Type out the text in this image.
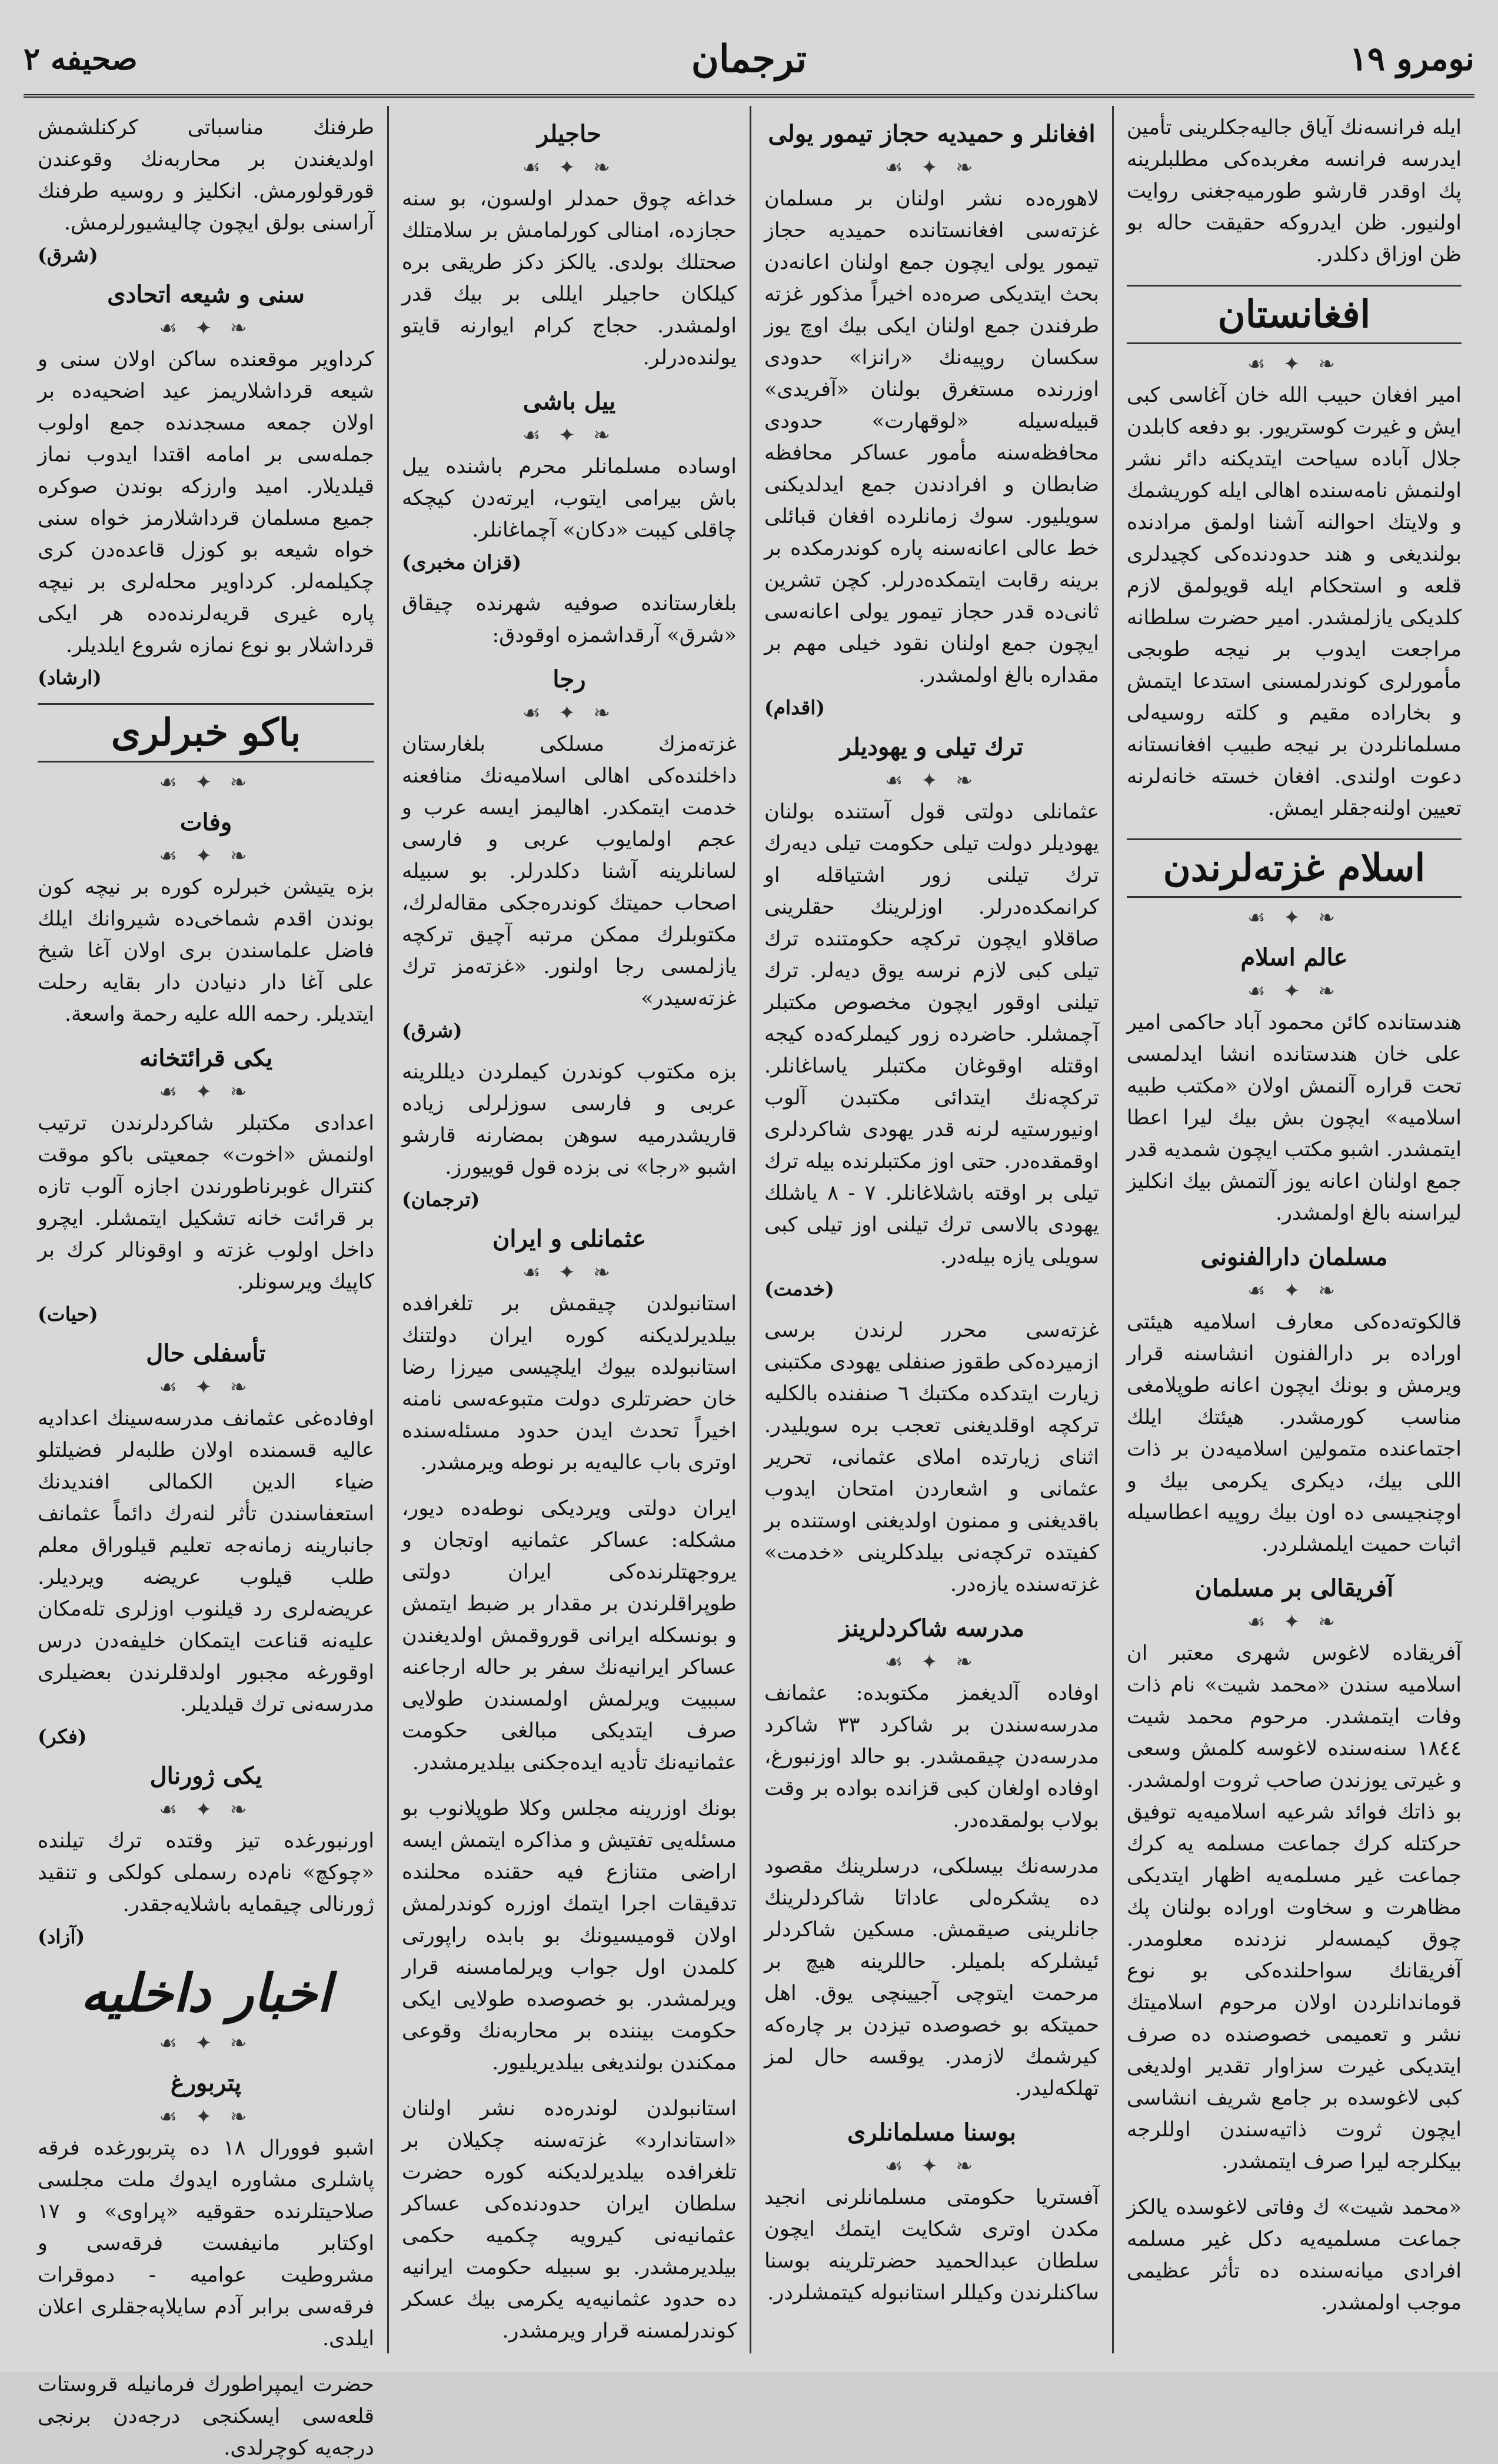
نومرو ١٩
ترجمان
صحيفه ٢

ايله فرانسه‌نك آياق جاليه‌جكلرينى تأمين ايدرسه فرانسه مغربده‌كى مطلبلرينه پك اوقدر قارشو طورميه‌جغنى روايت اولنيور. ظن ايدروكه حقيقت حاله بو ظن اوزاق دكلدر.

افغانستان
❧ ✦ ☙

امير افغان حبيب الله خان آغاسى كبى ايش و غيرت كوستريور. بو دفعه كابلدن جلال آباده سياحت ايتديكنه دائر نشر اولنمش نامه‌سنده اهالى ايله كوريشمك و ولايتك احوالنه آشنا اولمق مرادنده بولنديغى و هند حدودنده‌كى كچيدلرى قلعه و استحكام ايله قويولمق لازم كلديكى يازلمشدر. امير حضرت سلطانه مراجعت ايدوب بر نيجه طوبجى مأمورلرى كوندرلمسنى استدعا ايتمش و بخاراده مقيم و كلته روسيه‌لى مسلمانلردن بر نيجه طبيب افغانستانه دعوت اولندى. افغان خسته خانه‌لرنه تعيين اولنه‌جقلر ايمش.

اسلام غزته‌لرندن
❧ ✦ ☙
عالم اسلام
❧ ✦ ☙

هندستانده كائن محمود آباد حاكمى امير على خان هندستانده انشا ايدلمسى تحت قراره آلنمش اولان «مكتب طبيه اسلاميه» ايچون بش بيك ليرا اعطا ايتمشدر. اشبو مكتب ايچون شمديه قدر جمع اولنان اعانه يوز آلتمش بيك انكليز ليراسنه بالغ اولمشدر.

مسلمان دارالفنونى
❧ ✦ ☙

قالكوته‌ده‌كى معارف اسلاميه هيئتى اوراده بر دارالفنون انشاسنه قرار ويرمش و بونك ايچون اعانه طوپلامغى مناسب كورمشدر. هيئتك ايلك اجتماعنده متمولين اسلاميه‌دن بر ذات اللى بيك، ديكرى يكرمى بيك و اوچنجيسى ده اون بيك روپيه اعطاسيله اثبات حميت ايلمشلردر.

آفريقالى بر مسلمان
❧ ✦ ☙

آفريقاده لاغوس شهرى معتبر ان اسلاميه سندن «محمد شيت» نام ذات وفات ايتمشدر. مرحوم محمد شيت ١٨٤٤ سنه‌سنده لاغوسه كلمش وسعى و غيرتى يوزندن صاحب ثروت اولمشدر. بو ذاتك فوائد شرعيه اسلاميه‌يه توفيق حركتله كرك جماعت مسلمه يه كرك جماعت غير مسلمه‌يه اظهار ايتديكى مظاهرت و سخاوت اوراده بولنان پك چوق كيمسه‌لر نزدنده معلومدر. آفريقانك سواحلنده‌كى بو نوع قوماندانلردن اولان مرحوم اسلاميتك نشر و تعميمى خصوصنده ده صرف ايتديكى غيرت سزاوار تقدير اولديغى كبى لاغوسده بر جامع شريف انشاسى ايچون ثروت ذاتيه‌سندن اوللرجه بيكلرجه ليرا صرف ايتمشدر.

«محمد شيت» ك وفاتى لاغوسده يالكز جماعت مسلميه‌يه دكل غير مسلمه افرادى ميانه‌سنده ده تأثر عظيمى موجب اولمشدر.

افغانلر و حميديه حجاز تيمور يولى
❧ ✦ ☙

لاهوره‌ده نشر اولنان بر مسلمان غزته‌سى افغانستانده حميديه حجاز تيمور يولى ايچون جمع اولنان اعانه‌دن بحث ايتديكى صره‌ده اخيراً مذكور غزته طرفندن جمع اولنان ايكى بيك اوچ يوز سكسان روپيه‌نك «رانزا» حدودى اوزرنده مستغرق بولنان «آفريدى» قبيله‌سيله «لوقهارت» حدودى محافظه‌سنه مأمور عساكر محافظه ضابطان و افرادندن جمع ايدلديكنى سويليور. سوك زمانلرده افغان قبائلى خط عالى اعانه‌سنه پاره كوندرمكده بر برينه رقابت ايتمكده‌درلر. كچن تشرين ثانى‌ده قدر حجاز تيمور يولى اعانه‌سى ايچون جمع اولنان نقود خيلى مهم بر مقداره بالغ اولمشدر.

(اقدام)
ترك تيلى و يهوديلر
❧ ✦ ☙

عثمانلى دولتى قول آستنده بولنان يهوديلر دولت تيلى حكومت تيلى ديه‌رك ترك تيلنى زور اشتياقله او كرانمكده‌درلر. اوزلرينك حقلرينى صاقلاو ايچون تركچه حكومتنده ترك تيلى كبى لازم نرسه يوق ديه‌لر. ترك تيلنى اوقور ايچون مخصوص مكتبلر آچمشلر. حاضرده زور كيملركه‌ده كيجه اوقتله اوقوغان مكتبلر ياساغانلر. تركچه‌نك ايتدائى مكتبدن آلوب اونيورستيه لرنه قدر يهودى شاكردلرى اوقمقده‌در. حتى اوز مكتبلرنده بيله ترك تيلى بر اوقته باشلاغانلر. ٧ - ٨ ياشلك يهودى بالاسى ترك تيلنى اوز تيلى كبى سويلى يازه بيله‌در.

(خدمت)

غزته‌سى محرر لرندن برسى ازميرده‌كى طقوز صنفلى يهودى مكتبنى زيارت ايتدكده مكتبك ٦ صنفنده بالكليه تركچه اوقلديغنى تعجب بره سويليدر. اثناى زيارتده املاى عثمانى، تحرير عثمانى و اشعاردن امتحان ايدوب باقديغنى و ممنون اولديغنى اوستنده بر كفيتده تركچه‌نى بيلدكلرينى «خدمت» غزته‌سنده يازه‌در.

مدرسه شاكردلرينز
❧ ✦ ☙

اوفاده آلديغمز مكتوبده: عثمانف مدرسه‌سندن بر شاكرد ٣٣ شاكرد مدرسه‌دن چيقمشدر. بو حالد اوزنبورغ، اوفاده اولغان كبى قزانده بواده بر وقت بولاب بولمقده‌در.

مدرسه‌نك بيسلكى، درسلرينك مقصود ده يشكره‌لى عاداتا شاكردلرينك جانلرينى صيقمش. مسكين شاكردلر ئيشلركه بلميلر. حاللرينه هيچ بر مرحمت ايتوچى آجيينچى يوق. اهل حميتكه بو خصوصده تيزدن بر چاره‌كه كيرشمك لازمدر. يوقسه حال لمز تهلكه‌ليدر.

بوسنا مسلمانلرى
❧ ✦ ☙

آفستريا حكومتى مسلمانلرنى انجيد مكدن اوترى شكايت ايتمك ايچون سلطان عبدالحميد حضرتلرينه بوسنا ساكنلرندن وكيللر استانبوله كيتمشلردر.

حاجيلر
❧ ✦ ☙

خداغه چوق حمدلر اولسون، بو سنه حجازده، امنالى كورلمامش بر سلامتلك صحتلك بولدى. يالكز دكز طريقى بره كيلكان حاجيلر ايللى بر بيك قدر اولمشدر. حجاج كرام ايوارنه قايتو يولنده‌درلر.

ييل باشى
❧ ✦ ☙

اوساده مسلمانلر محرم باشنده ييل باش بيرامى ايتوب، ايرته‌دن كيچكه چاقلى كيبت «دكان» آچماغانلر.

(قزان مخبرى)

بلغارستانده صوفيه شهرنده چيقاق «شرق» آرقداشمزه اوقودق:

رجا
❧ ✦ ☙

غزته‌مزك مسلكى بلغارستان داخلنده‌كى اهالى اسلاميه‌نك منافعنه خدمت ايتمكدر. اهاليمز ايسه عرب و عجم اولمايوب عربى و فارسى لسانلرينه آشنا دكلدرلر. بو سبيله اصحاب حميتك كوندره‌جكى مقاله‌لرك، مكتوبلرك ممكن مرتبه آچيق تركچه يازلمسى رجا اولنور. «غزته‌مز ترك غزته‌سيدر»

(شرق)

بزه مكتوب كوندرن كيملردن ديللرينه عربى و فارسى سوزلرلى زياده قاريشدرميه سوهن بمضارنه قارشو اشبو «رجا» نى بزده قول قوييورز.

(ترجمان)
عثمانلى و ايران
❧ ✦ ☙

استانبولدن چيقمش بر تلغرافده بيلديرلديكنه كوره ايران دولتنك استانبولده بيوك ايلچيسى ميرزا رضا خان حضرتلرى دولت متبوعه‌سى نامنه اخيراً تحدث ايدن حدود مسئله‌سنده اوترى باب عاليه‌يه بر نوطه ويرمشدر.

ايران دولتى ويرديكى نوطه‌ده ديور، مشكله: عساكر عثمانيه اوتجان و يروجهتلرنده‌كى ايران دولتى طوپراقلرندن بر مقدار بر ضبط ايتمش و بونسكله ايرانى قوروقمش اولديغندن عساكر ايرانيه‌نك سفر بر حاله ارجاعنه سببيت ويرلمش اولمسندن طولايى صرف ايتديكى مبالغى حكومت عثمانيه‌نك تأديه ايده‌جكنى بيلديرمشدر.

بونك اوزرينه مجلس وكلا طوپلانوب بو مسئله‌يى تفتيش و مذاكره ايتمش ايسه اراضى متنازع فيه حقنده محلنده تدقيقات اجرا ايتمك اوزره كوندرلمش اولان قوميسيونك بو بابده راپورتى كلمدن اول جواب ويرلمامسنه قرار ويرلمشدر. بو خصوصده طولايى ايكى حكومت بيننده بر محاربه‌نك وقوعى ممكندن بولنديغى بيلديريليور.

استانبولدن لوندره‌ده نشر اولنان «استاندارد» غزته‌سنه چكيلان بر تلغرافده بيلديرلديكنه كوره حضرت سلطان ايران حدودنده‌كى عساكر عثمانيه‌نى كيرويه چكميه حكمى بيلديرمشدر. بو سبيله حكومت ايرانيه ده حدود عثمانيه‌يه يكرمى بيك عسكر كوندرلمسنه قرار ويرمشدر.

طرفنك مناسباتى كركنلشمش اولديغندن بر محاربه‌نك وقوعندن قورقولورمش. انكليز و روسيه طرفنك آراسنى بولق ايچون چاليشيورلرمش.

(شرق)
سنى و شيعه اتحادى
❧ ✦ ☙

كرداوير موقعنده ساكن اولان سنى و شيعه قرداشلاريمز عيد اضحيه‌ده بر اولان جمعه مسجدنده جمع اولوب جمله‌سى بر امامه اقتدا ايدوب نماز قيلديلار. اميد وارزكه بوندن صوكره جميع مسلمان قرداشلارمز خواه سنى خواه شيعه بو كوزل قاعده‌دن كرى چكيلمه‌لر. كرداوير محله‌لرى بر نيچه پاره غيرى قريه‌لرنده‌ده هر ايكى قرداشلار بو نوع نمازه شروع ايلديلر.

(ارشاد)
باكو خبرلرى
❧ ✦ ☙
وفات
❧ ✦ ☙

بزه يتيشن خبرلره كوره بر نيچه كون بوندن اقدم شماخى‌ده شيروانك ايلك فاضل علماسندن برى اولان آغا شيخ على آغا دار دنيادن دار بقايه رحلت ايتديلر. رحمه الله عليه رحمة واسعة.

يكى قرائتخانه
❧ ✦ ☙

اعدادى مكتبلر شاكردلرندن ترتيب اولنمش «اخوت» جمعيتى باكو موقت كنترال غوبرناطورندن اجازه آلوب تازه بر قرائت خانه تشكيل ايتمشلر. ايچرو داخل اولوب غزته و اوقونالر كرك بر كاپيك ويرسونلر.

(حيات)
تأسفلى حال
❧ ✦ ☙

اوفاده‌غى عثمانف مدرسه‌سينك اعداديه عاليه قسمنده اولان طلبه‌لر فضيلتلو ضياء الدين الكمالى افنديدنك استعفاسندن تأثر لنه‌رك دائماً عثمانف جانبارينه زمانه‌جه تعليم قيلوراق معلم طلب قيلوب عريضه ويرديلر. عريضه‌لرى رد قيلنوب اوزلرى تله‌مكان عليه‌نه قناعت ايتمكان خليفه‌دن درس اوقورغه مجبور اولدقلرندن بعضيلرى مدرسه‌نى ترك قيلديلر.

(فكر)
يكى ژورنال
❧ ✦ ☙

اورنبورغده تيز وقتده ترك تيلنده «چوكچ» نام‌ده رسملى كولكى و تنقيد ژورنالى چيقمايه باشلايه‌جقدر.

(آزاد)
اخبار داخليه
❧ ✦ ☙
پتربورغ
❧ ✦ ☙

اشبو فوورال ١٨ ده پتربورغده فرقه پاشلرى مشاوره ايدوك ملت مجلسى صلاحيتلرنده حقوقيه «پراوى» و ١٧ اوكتابر مانيفست فرقه‌سى و مشروطيت عواميه - دموقرات فرقه‌سى برابر آدم سايلاپه‌جقلرى اعلان ايلدى.

حضرت ايمپراطورك فرمانيله قروستات قلعه‌سى ايسكنجى درجه‌دن برنجى درجه‌يه كوچرلدى.
